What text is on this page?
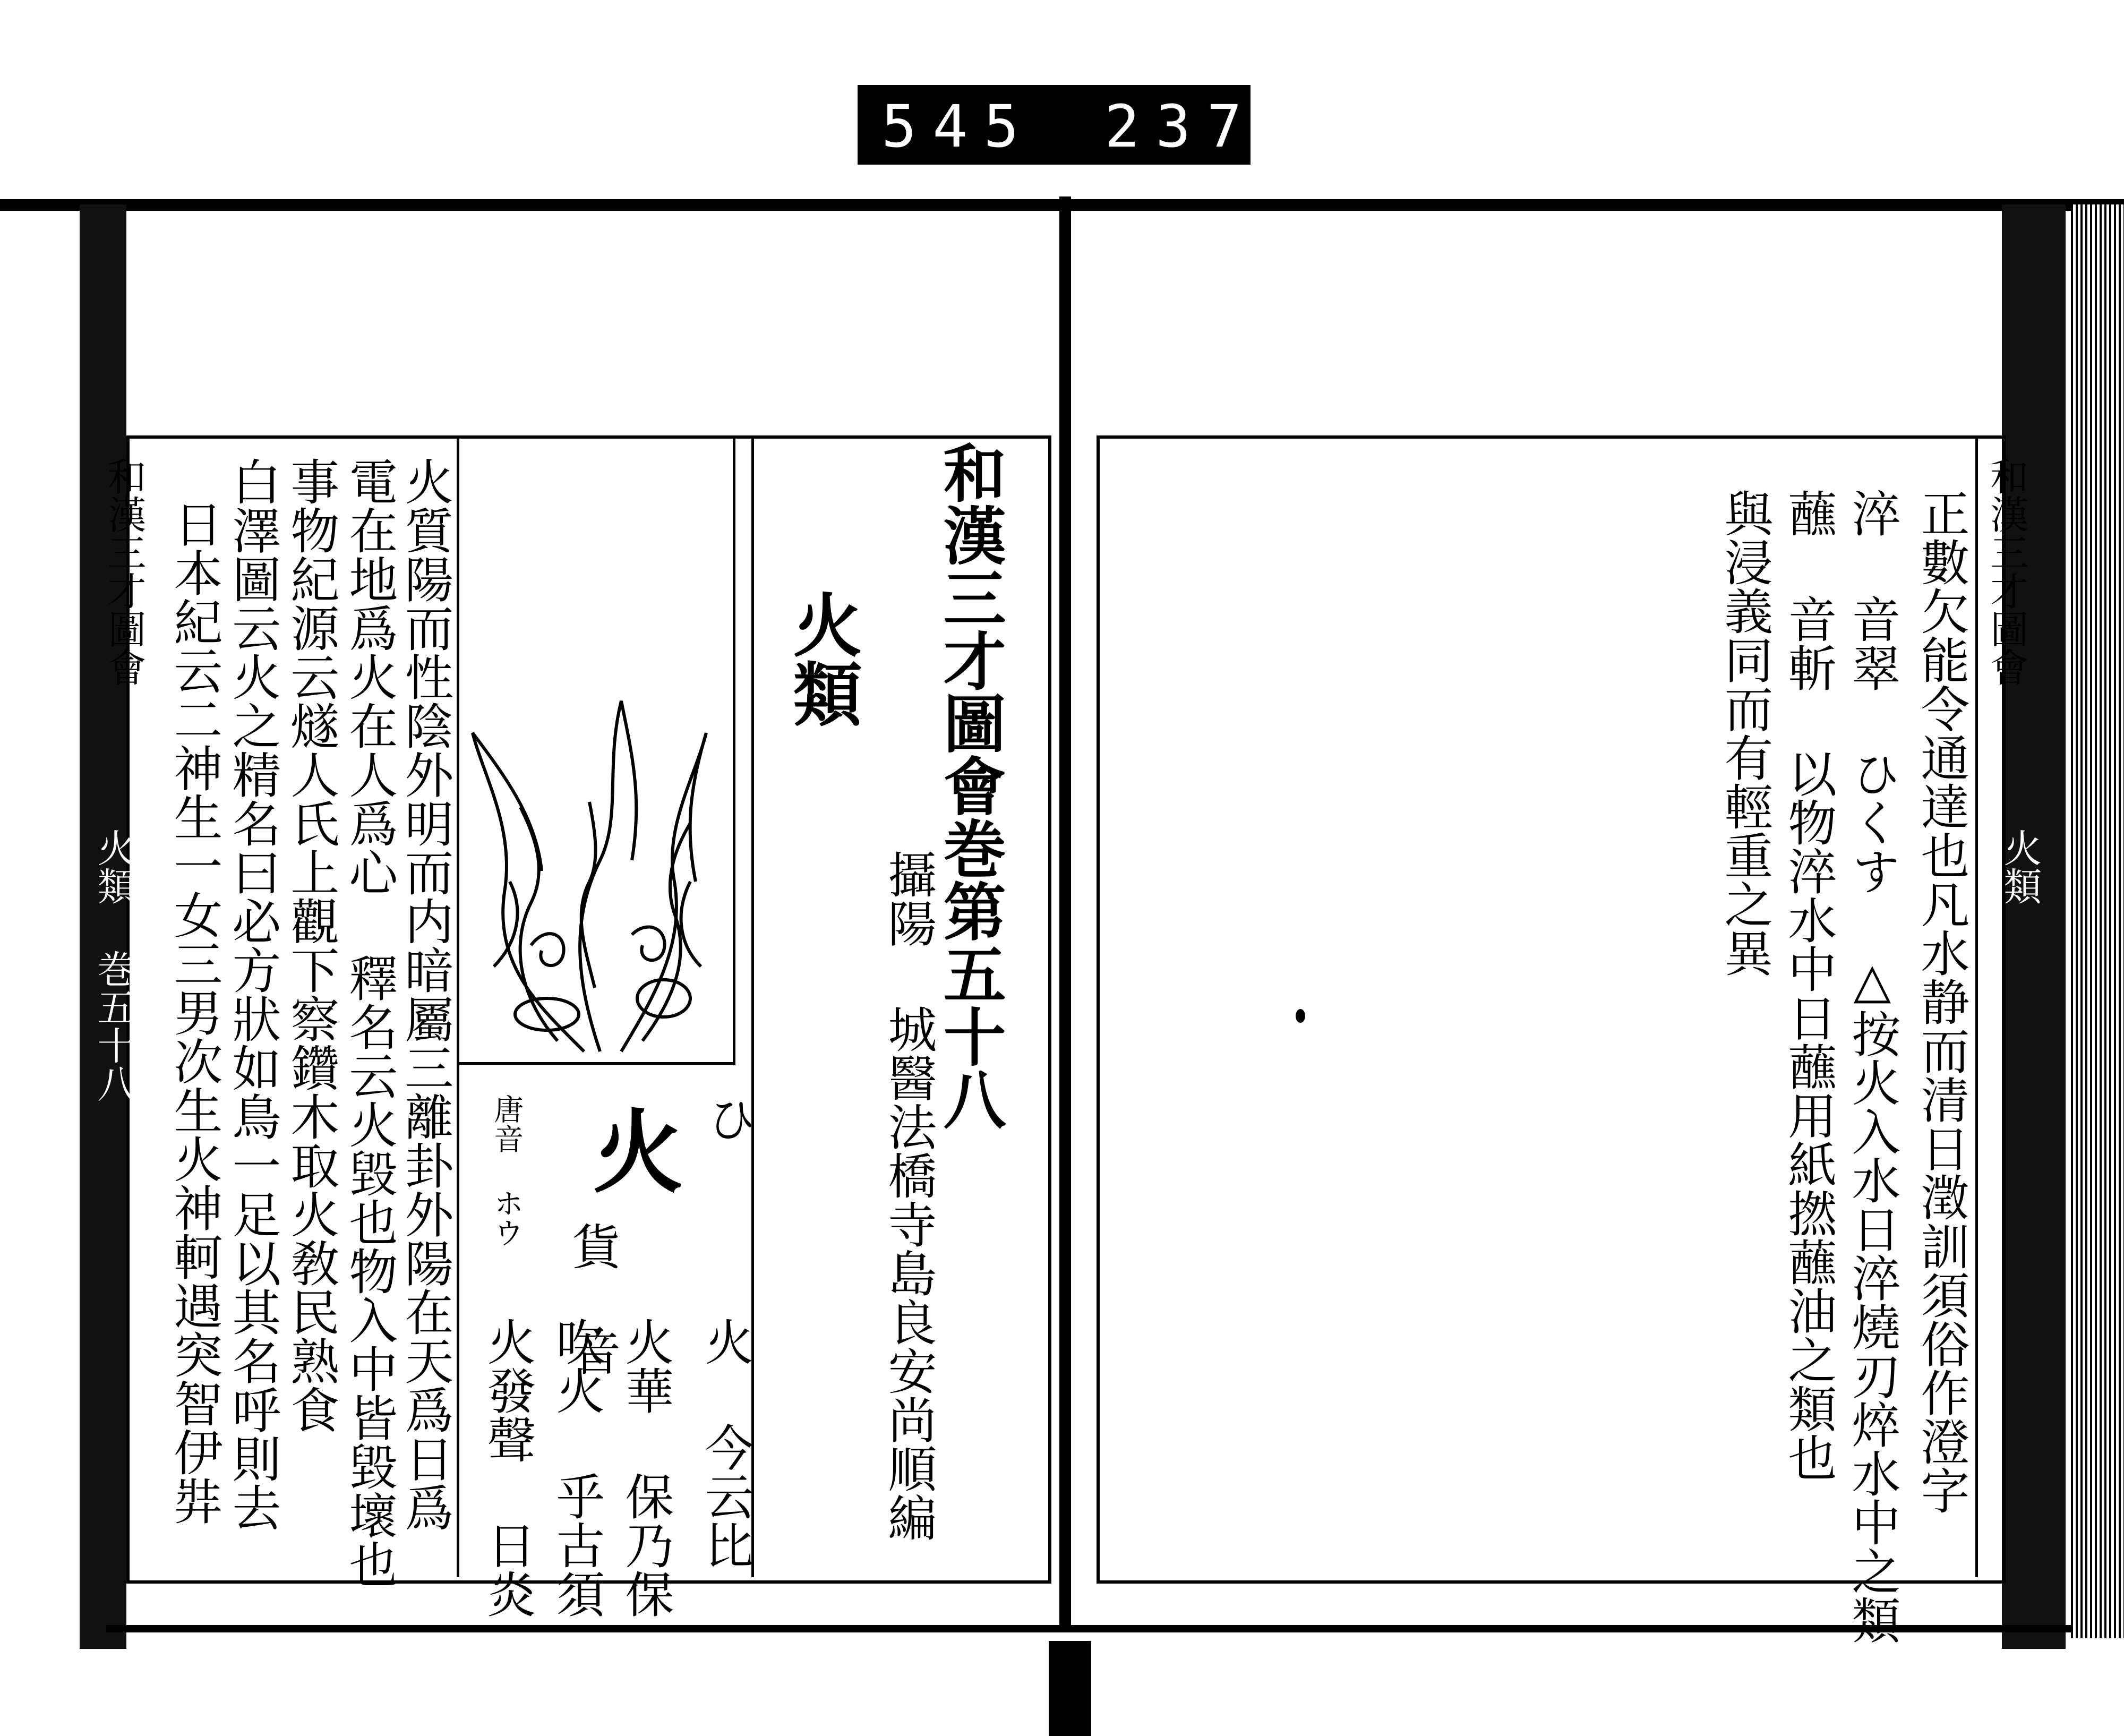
545 237.
和漢三才圖會
火類 巻五十八	火質陽而性陰外明而内暗屬三離卦外陽在天爲日爲
電在地爲火在人爲心 釋名云火毀也物入中皆毀壞也
事物紀源云燧人氏上觀下察鑽木取火敎民熟食
白澤圖云火之精名曰必方狀如鳥一足以其名呼則去
日本紀云二神生一女三男次生火神軻遇突智伊弉	ひ
火
貨 音
唐音 ホウ
火 今云比
火華 保乃保
吹火 乎古須
火發聲 日炎
火類 和漢三才圖會巻第五十八
攝陽 城醫法橋寺島良安尚順編
和漢三才圖會
火類
正數欠能令通達也凡水静而清日澂訓須俗作澄字
淬 音翠 ひくす △按火入水日淬燒刃焠水中之類
蘸 音斬 以物淬水中日蘸用紙撚蘸油之類也
與浸義同而有輕重之異
